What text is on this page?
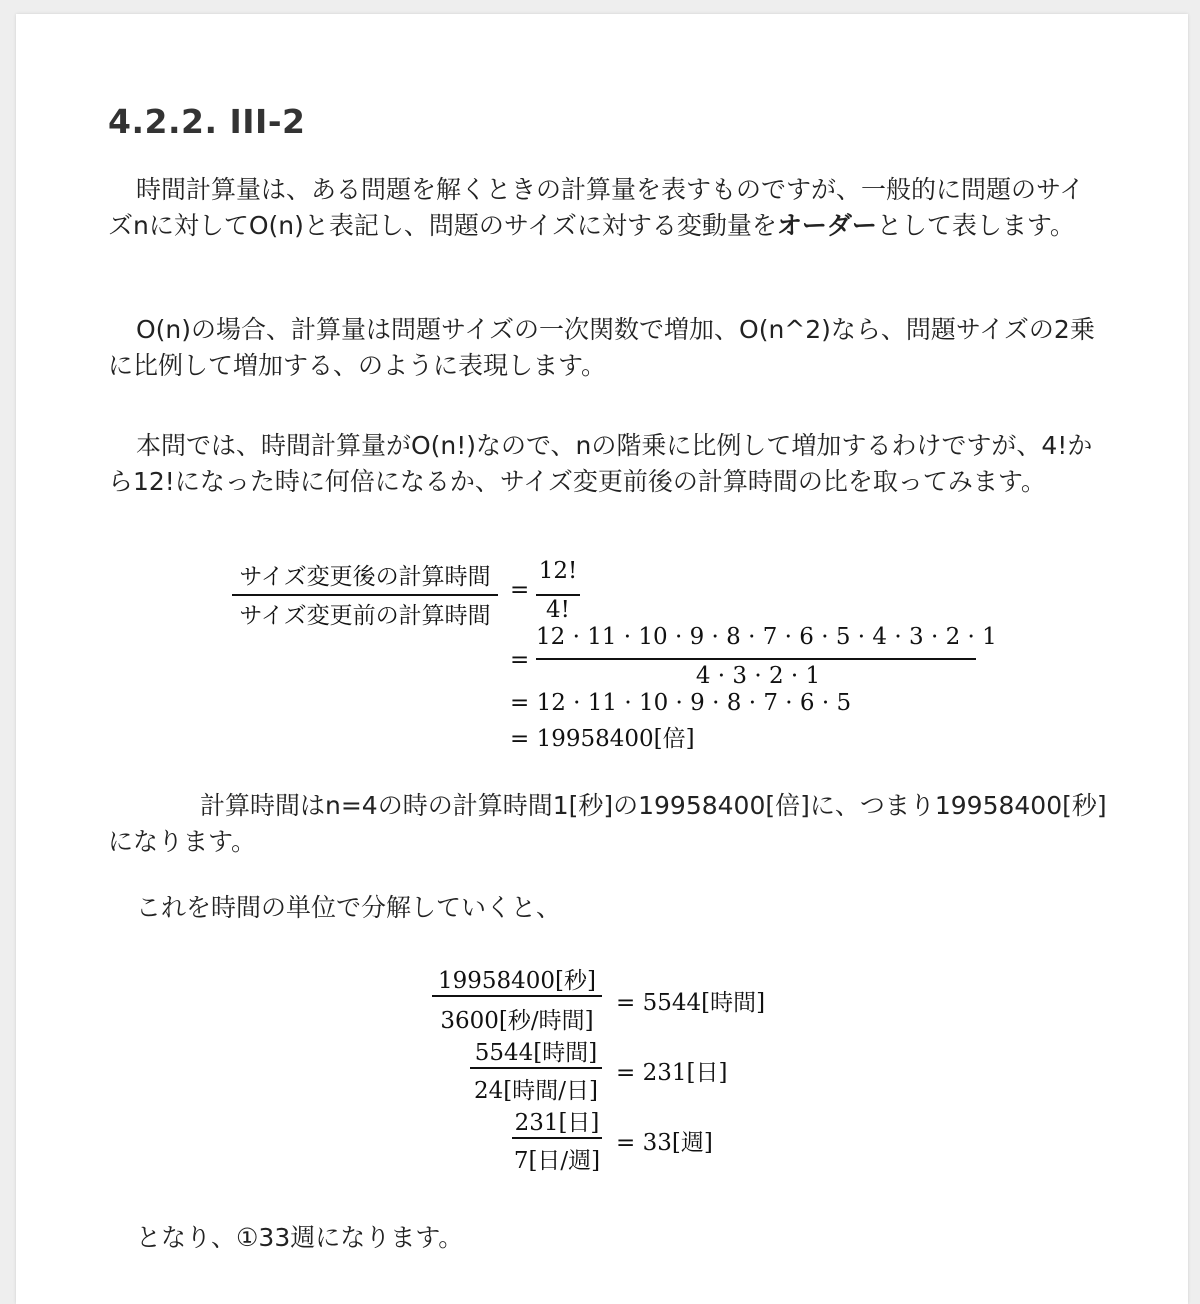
4.2.2. III-2

時間計算量は、ある問題を解くときの計算量を表すものですが、一般的に問題のサイズnに対してO(n)と表記し、問題のサイズに対する変動量をオーダーとして表します。

O(n)の場合、計算量は問題サイズの一次関数で増加、O(n^2)なら、問題サイズの2乗に比例して増加する、のように表現します。

本問では、時間計算量がO(n!)なので、nの階乗に比例して増加するわけですが、4!から12!になった時に何倍になるか、サイズ変更前後の計算時間の比を取ってみます。

サイズ変更後の計算時間
サイズ変更前の計算時間
=
12!
4!
=
12 · 11 · 10 · 9 · 8 · 7 · 6 · 5 · 4 · 3 · 2 · 1
4 · 3 · 2 · 1
= 12 · 11 · 10 · 9 · 8 · 7 · 6 · 5
= 19958400[倍]

計算時間はn=4の時の計算時間1[秒]の19958400[倍]に、つまり19958400[秒]になります。

これを時間の単位で分解していくと、

19958400[秒]
3600[秒/時間]
= 5544[時間]
5544[時間]
24[時間/日]
= 231[日]
231[日]
7[日/週]
= 33[週]

となり、①33週になります。
